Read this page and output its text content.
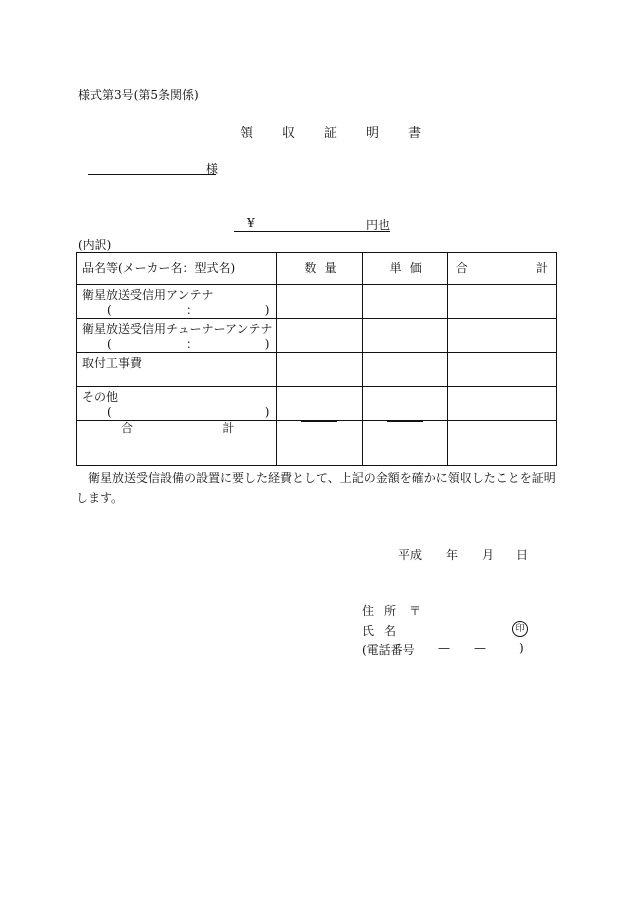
様式第3号(第5条関係)
領 収 証 明 書
様
¥	円也
(内訳)
品名等(メーカー名：型式名)	数 量	単 価	合 計

衛星放送受信用アンテナ
( ： )			

衛星放送受信用チューナーアンテナ
( ： )			

取付工事費			

その他
( )			

合 計			

衛星放送受信設備の設置に要した経費として、上記の金額を確かに領収したことを証明します。
平成 年 月 日
住所 〒
氏名	印
(電話番号 — —	)
